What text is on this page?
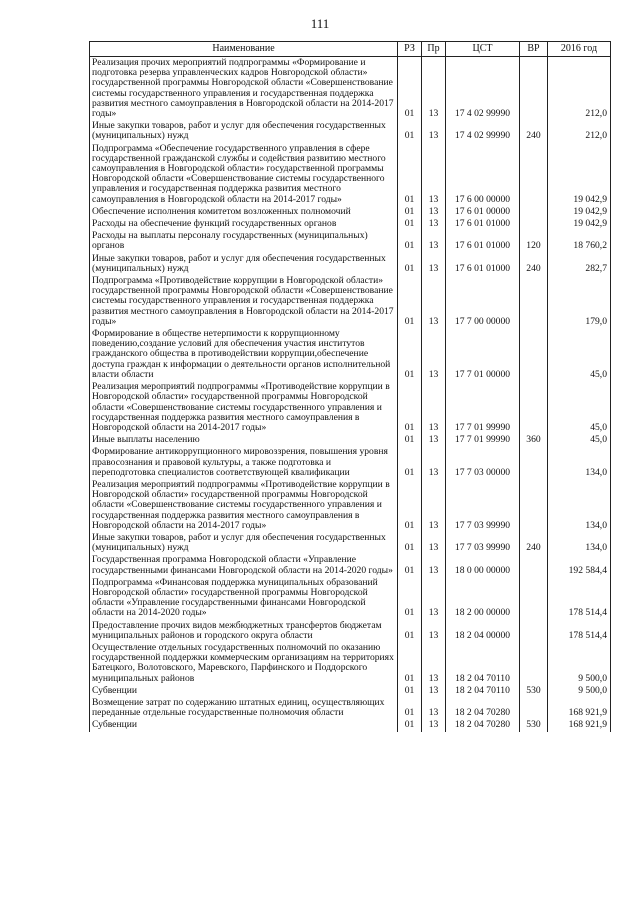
111
Наименование	РЗ	Пр	ЦСТ	ВР	2016 год
Реализация прочих мероприятий подпрограммы «Формирование и подготовка резерва управленческих кадров Новгородской области» государственной программы Новгородской области «Совершенствование системы государственного управления и государственная поддержка развития местного самоуправления в Новгородской области на 2014-2017 годы»	01	13	17 4 02 99990		212,0
Иные закупки товаров, работ и услуг для обеспечения государственных (муниципальных) нужд	01	13	17 4 02 99990	240	212,0
Подпрограмма «Обеспечение государственного управления в сфере государственной гражданской службы и содействия развитию местного самоуправления в Новгородской области» государственной программы Новгородской области «Совершенствование системы государственного управления и государственная поддержка развития местного самоуправления в Новгородской области на 2014-2017 годы»	01	13	17 6 00 00000		19 042,9
Обеспечение исполнения комитетом возложенных полномочий	01	13	17 6 01 00000		19 042,9
Расходы на обеспечение функций государственных органов	01	13	17 6 01 01000		19 042,9
Расходы на выплаты персоналу государственных (муниципальных) органов	01	13	17 6 01 01000	120	18 760,2
Иные закупки товаров, работ и услуг для обеспечения государственных (муниципальных) нужд	01	13	17 6 01 01000	240	282,7
Подпрограмма «Противодействие коррупции в Новгородской области» государственной программы Новгородской области «Совершенствование системы государственного управления и государственная поддержка развития местного самоуправления в Новгородской области на 2014-2017 годы»	01	13	17 7 00 00000		179,0
Формирование в обществе нетерпимости к коррупционному поведению,создание условий для обеспечения участия институтов гражданского общества в противодействии коррупции,обеспечение доступа граждан к информации о деятельности органов исполнительной власти области	01	13	17 7 01 00000		45,0
Реализация мероприятий подпрограммы «Противодействие коррупции в Новгородской области» государственной программы Новгородской области «Совершенствование системы государственного управления и государственная поддержка развития местного самоуправления в Новгородской области на 2014-2017 годы»	01	13	17 7 01 99990		45,0
Иные выплаты населению	01	13	17 7 01 99990	360	45,0
Формирование антикоррупционного мировоззрения, повышения уровня правосознания и правовой культуры, а также подготовка и переподготовка специалистов соответствующей квалификации	01	13	17 7 03 00000		134,0
Реализация мероприятий подпрограммы «Противодействие коррупции в Новгородской области» государственной программы Новгородской области «Совершенствование системы государственного управления и государственная поддержка развития местного самоуправления в Новгородской области на 2014-2017 годы»	01	13	17 7 03 99990		134,0
Иные закупки товаров, работ и услуг для обеспечения государственных (муниципальных) нужд	01	13	17 7 03 99990	240	134,0
Государственная программа Новгородской области «Управление государственными финансами Новгородской области на 2014-2020 годы»	01	13	18 0 00 00000		192 584,4
Подпрограмма «Финансовая поддержка муниципальных образований Новгородской области» государственной программы Новгородской области «Управление государственными финансами Новгородской области на 2014-2020 годы»	01	13	18 2 00 00000		178 514,4
Предоставление прочих видов межбюджетных трансфертов бюджетам муниципальных районов и городского округа области	01	13	18 2 04 00000		178 514,4
Осуществление отдельных государственных полномочий по оказанию государственной поддержки коммерческим организациям на территориях Батецкого, Волотовского, Маревского, Парфинского и Поддорского муниципальных районов	01	13	18 2 04 70110		9 500,0
Субвенции	01	13	18 2 04 70110	530	9 500,0
Возмещение затрат по содержанию штатных единиц, осуществляющих переданные отдельные государственные полномочия области	01	13	18 2 04 70280		168 921,9
Субвенции	01	13	18 2 04 70280	530	168 921,9
